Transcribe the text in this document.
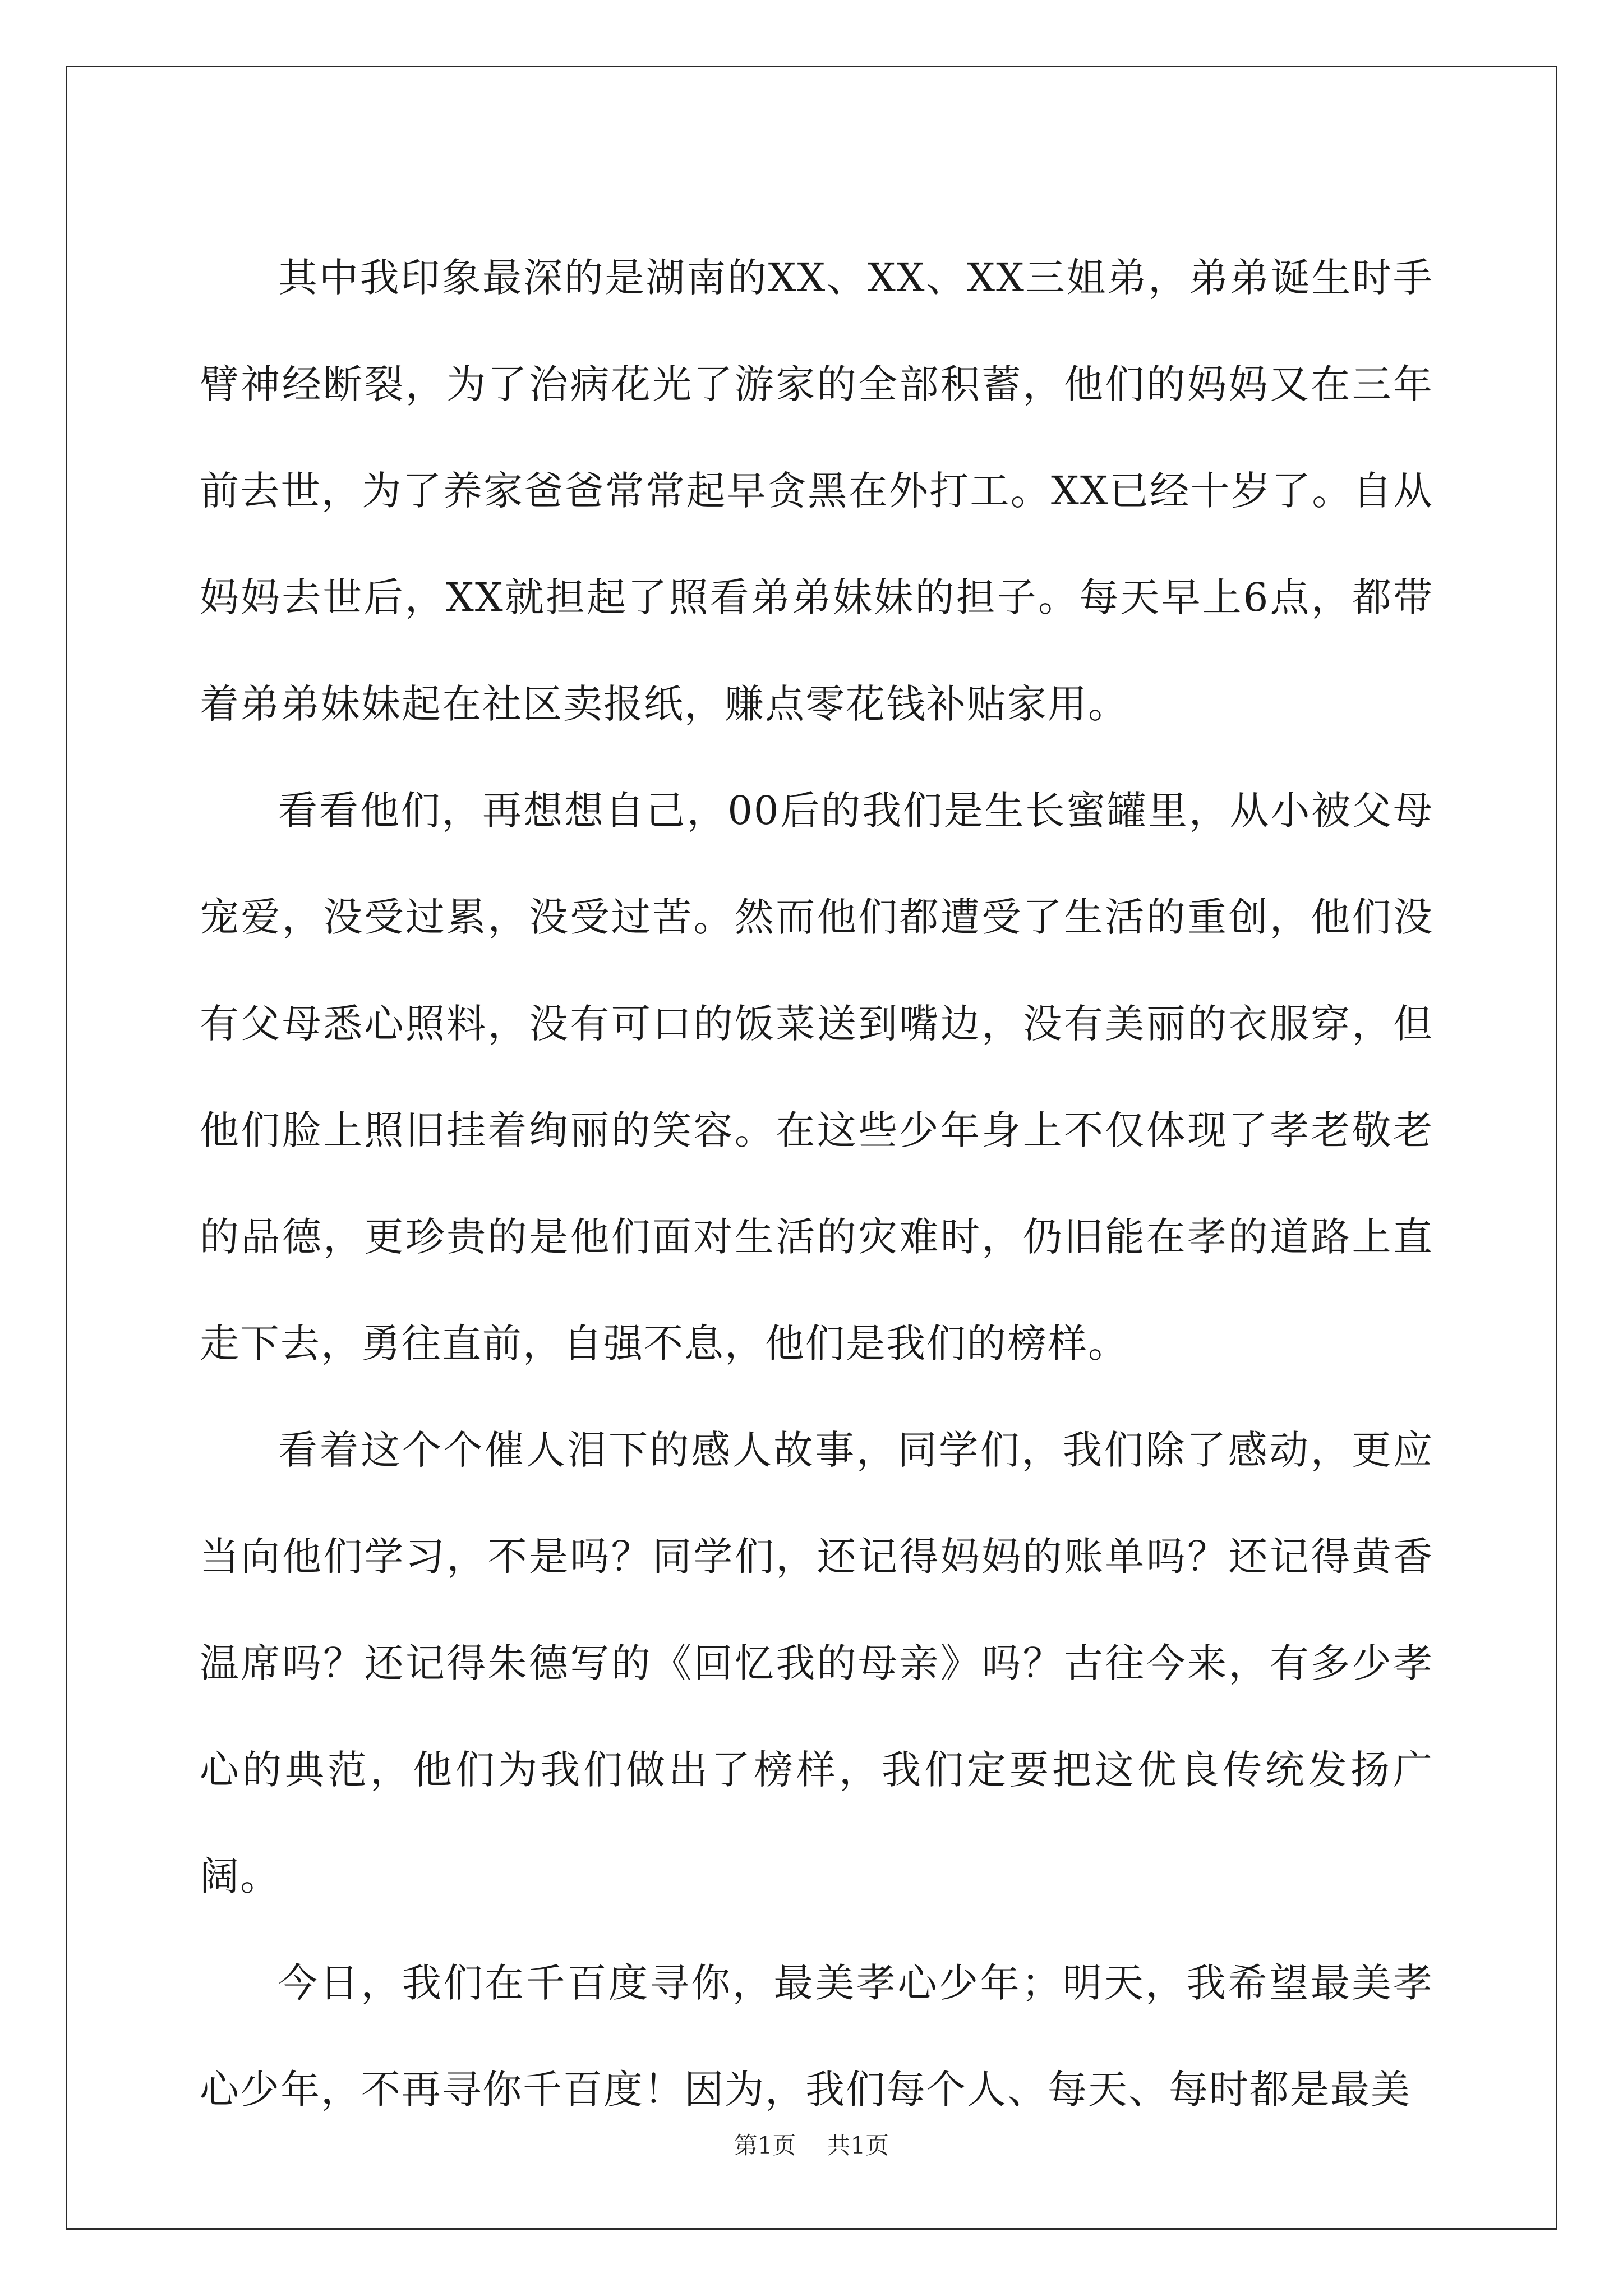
其中我印象最深的是湖南的XX、XX、XX三姐弟，弟弟诞生时手臂神经断裂，为了治病花光了游家的全部积蓄，他们的妈妈又在三年前去世，为了养家爸爸常常起早贪黑在外打工。XX已经十岁了。自从妈妈去世后，XX就担起了照看弟弟妹妹的担子。每天早上6点，都带着弟弟妹妹起在社区卖报纸，赚点零花钱补贴家用。

看看他们，再想想自己，00后的我们是生长蜜罐里，从小被父母宠爱，没受过累，没受过苦。然而他们都遭受了生活的重创，他们没有父母悉心照料，没有可口的饭菜送到嘴边，没有美丽的衣服穿，但他们脸上照旧挂着绚丽的笑容。在这些少年身上不仅体现了孝老敬老的品德，更珍贵的是他们面对生活的灾难时，仍旧能在孝的道路上直走下去，勇往直前，自强不息，他们是我们的榜样。

看着这个个催人泪下的感人故事，同学们，我们除了感动，更应当向他们学习，不是吗？同学们，还记得妈妈的账单吗？还记得黄香温席吗？还记得朱德写的《回忆我的母亲》吗？古往今来，有多少孝心的典范，他们为我们做出了榜样，我们定要把这优良传统发扬广阔。

今日，我们在千百度寻你，最美孝心少年；明天，我希望最美孝心少年，不再寻你千百度！因为，我们每个人、每天、每时都是最美

第1页 共1页
